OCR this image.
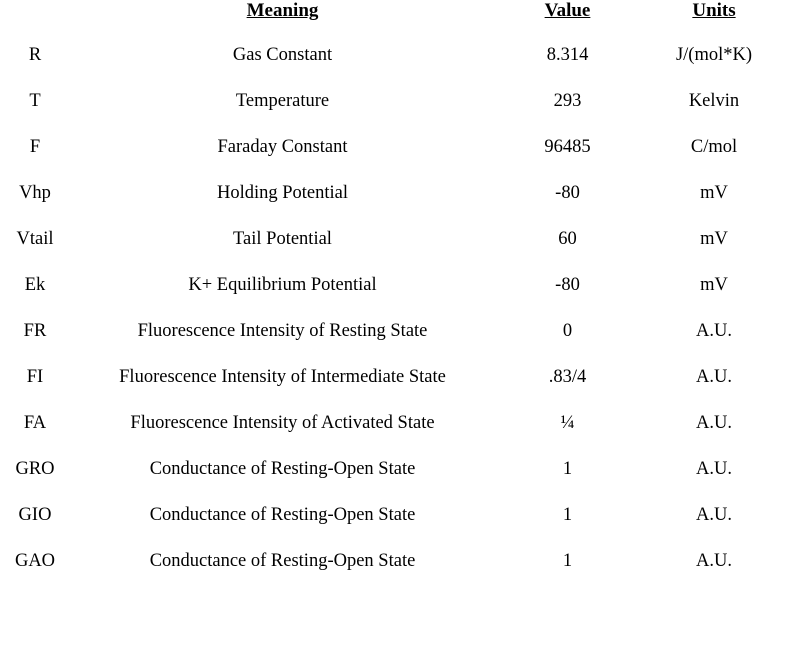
	Meaning	Value	Units
R	Gas Constant	8.314	J/(mol*K)
T	Temperature	293	Kelvin
F	Faraday Constant	96485	C/mol
Vhp	Holding Potential	-80	mV
Vtail	Tail Potential	60	mV
Ek	K+ Equilibrium Potential	-80	mV
FR	Fluorescence Intensity of Resting State	0	A.U.
FI	Fluorescence Intensity of Intermediate State	.83/4	A.U.
FA	Fluorescence Intensity of Activated State	¼	A.U.
GRO	Conductance of Resting-Open State	1	A.U.
GIO	Conductance of Resting-Open State	1	A.U.
GAO	Conductance of Resting-Open State	1	A.U.
